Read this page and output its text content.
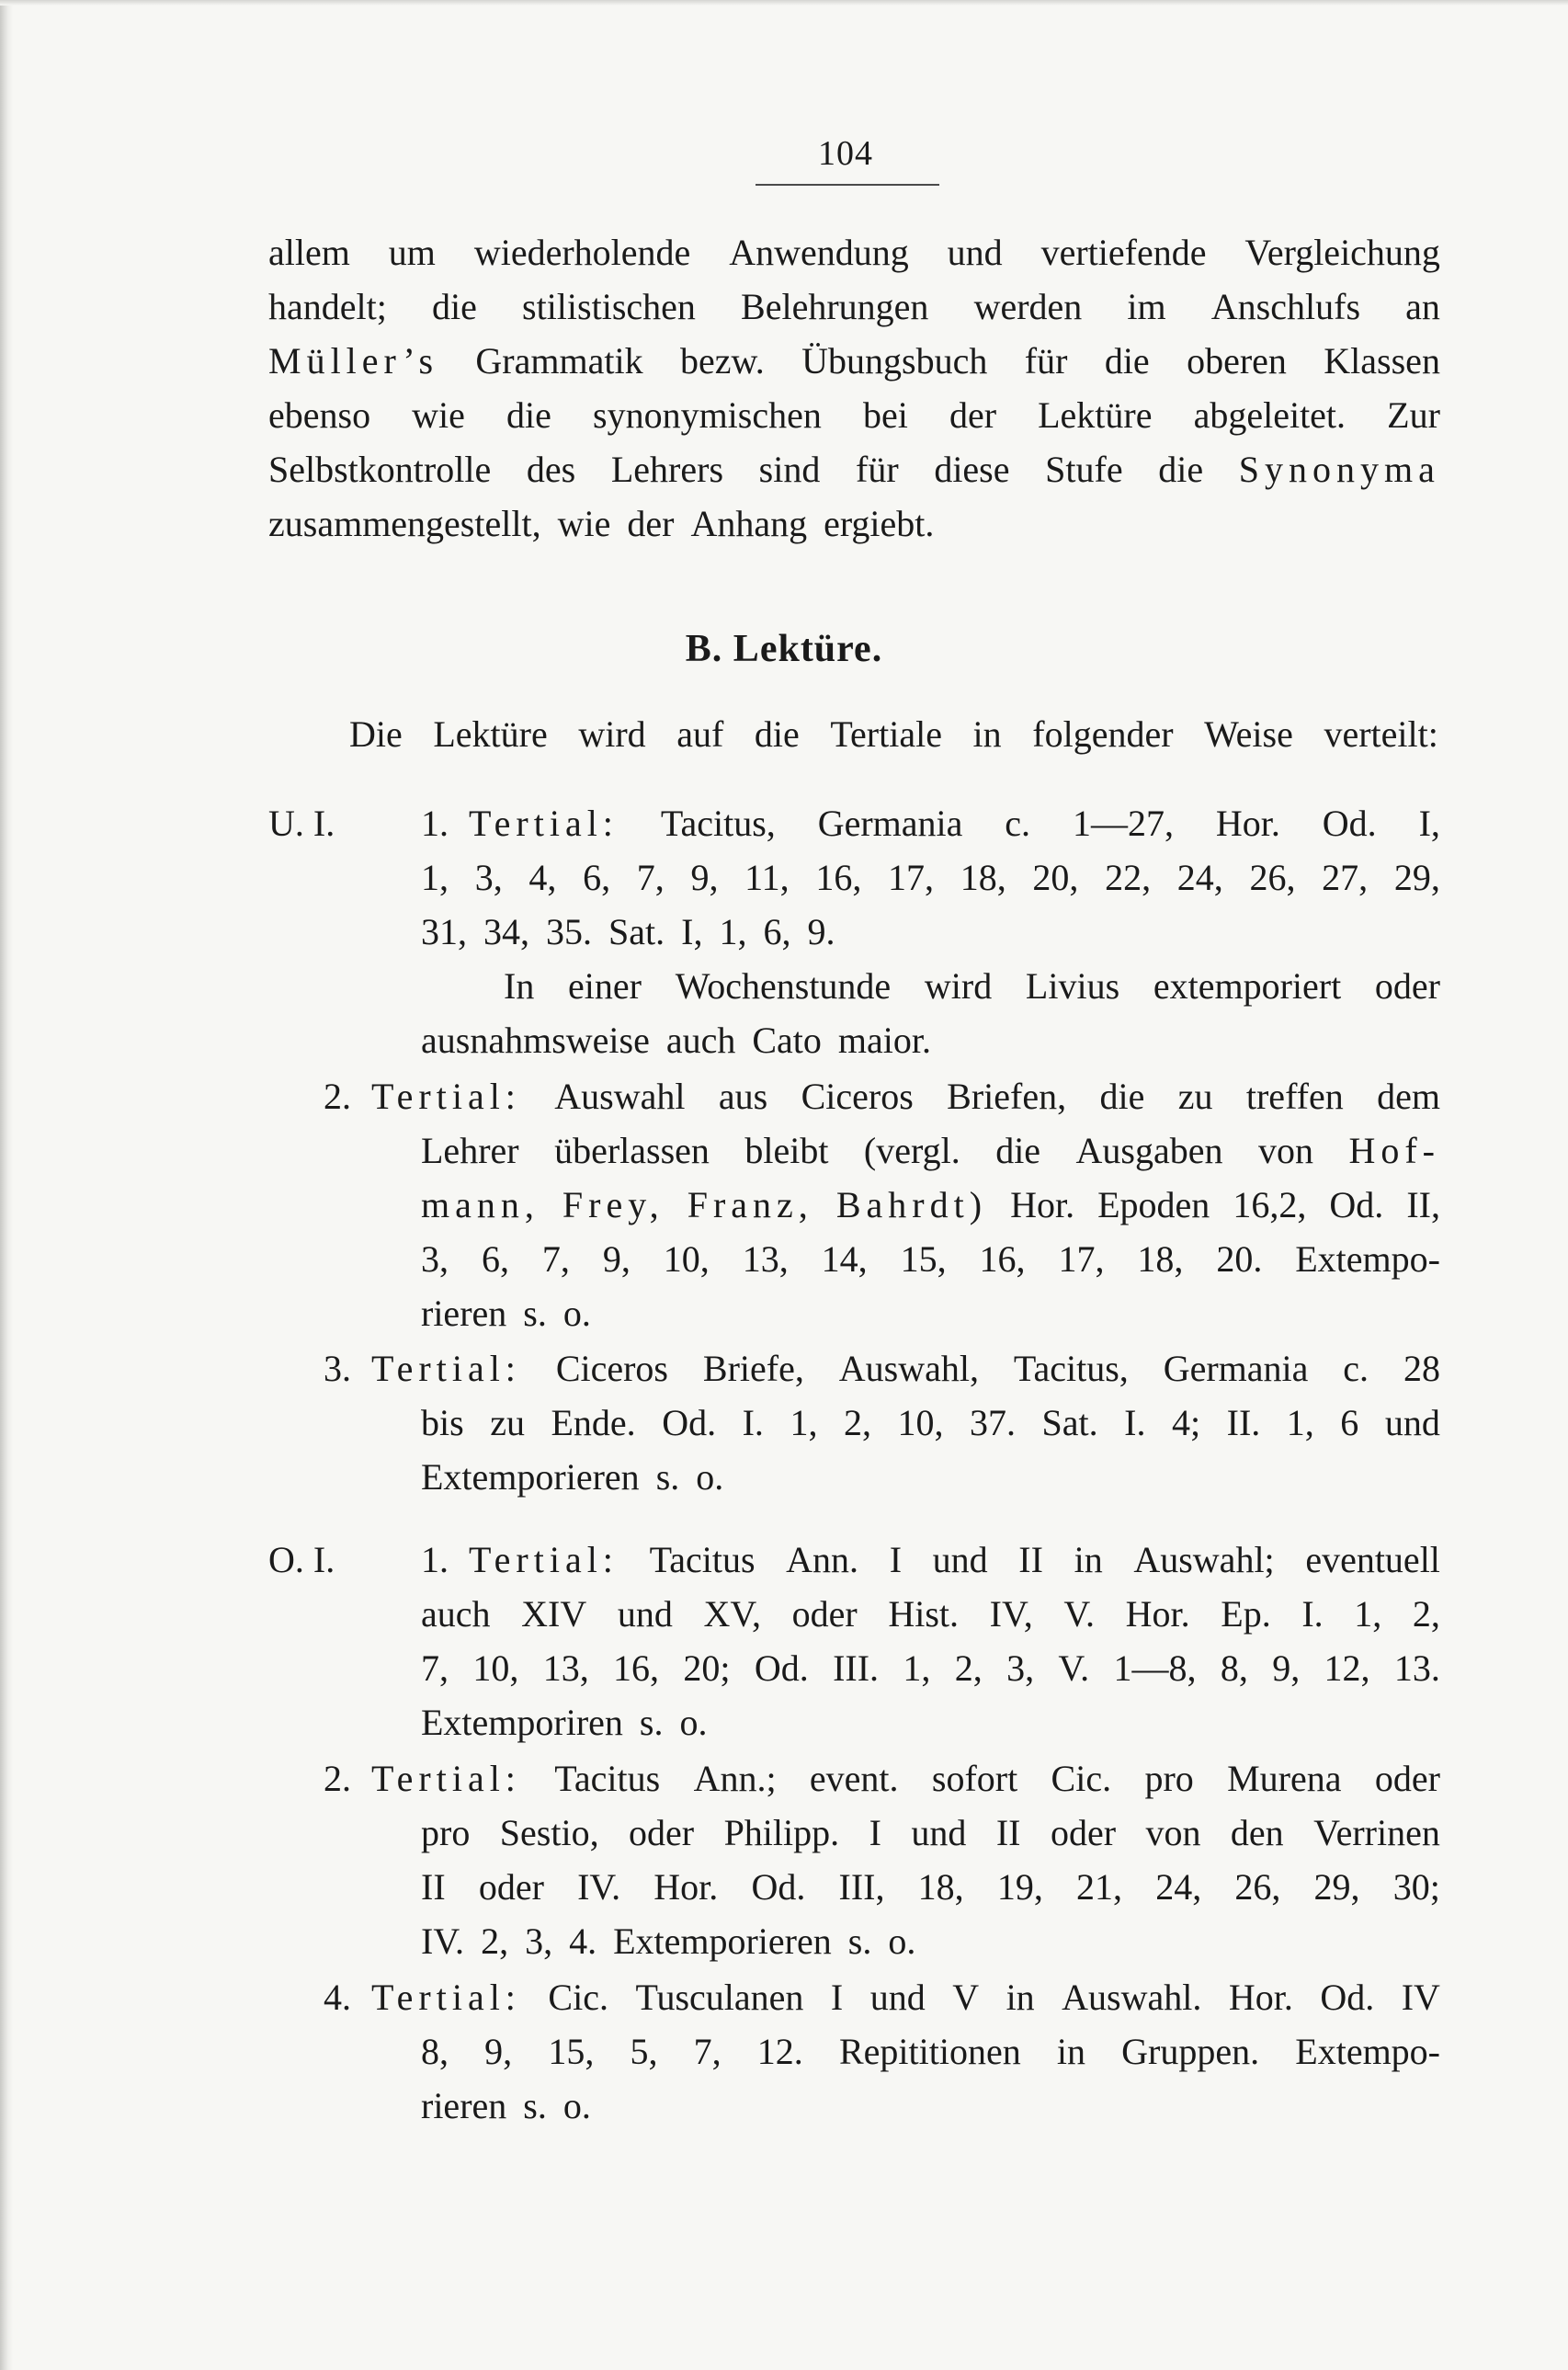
104
allem um wiederholende Anwendung und vertiefende Vergleichung
handelt; die stilistischen Belehrungen werden im Anschlufs an
Müller’s Grammatik bezw. Übungsbuch für die oberen Klassen
ebenso wie die synonymischen bei der Lektüre abgeleitet. Zur
Selbstkontrolle des Lehrers sind für diese Stufe die Synonyma
zusammengestellt, wie der Anhang ergiebt.
B. Lektüre.
Die Lektüre wird auf die Tertiale in folgender Weise verteilt:
U. I. 1. Tertial: Tacitus, Germania c. 1—27, Hor. Od. I,
1, 3, 4, 6, 7, 9, 11, 16, 17, 18, 20, 22, 24, 26, 27, 29,
31, 34, 35. Sat. I, 1, 6, 9.
In einer Wochenstunde wird Livius extemporiert oder
ausnahmsweise auch Cato maior.
2. Tertial: Auswahl aus Ciceros Briefen, die zu treffen dem
Lehrer überlassen bleibt (vergl. die Ausgaben von Hof-
mann, Frey, Franz, Bahrdt) Hor. Epoden 16,2, Od. II,
3, 6, 7, 9, 10, 13, 14, 15, 16, 17, 18, 20. Extempo-
rieren s. o.
3. Tertial: Ciceros Briefe, Auswahl, Tacitus, Germania c. 28
bis zu Ende. Od. I. 1, 2, 10, 37. Sat. I. 4; II. 1, 6 und
Extemporieren s. o.
O. I. 1. Tertial: Tacitus Ann. I und II in Auswahl; eventuell
auch XIV und XV, oder Hist. IV, V. Hor. Ep. I. 1, 2,
7, 10, 13, 16, 20; Od. III. 1, 2, 3, V. 1—8, 8, 9, 12, 13.
Extemporiren s. o.
2. Tertial: Tacitus Ann.; event. sofort Cic. pro Murena oder
pro Sestio, oder Philipp. I und II oder von den Verrinen
II oder IV. Hor. Od. III, 18, 19, 21, 24, 26, 29, 30;
IV. 2, 3, 4. Extemporieren s. o.
4. Tertial: Cic. Tusculanen I und V in Auswahl. Hor. Od. IV
8, 9, 15, 5, 7, 12. Repititionen in Gruppen. Extempo-
rieren s. o.
